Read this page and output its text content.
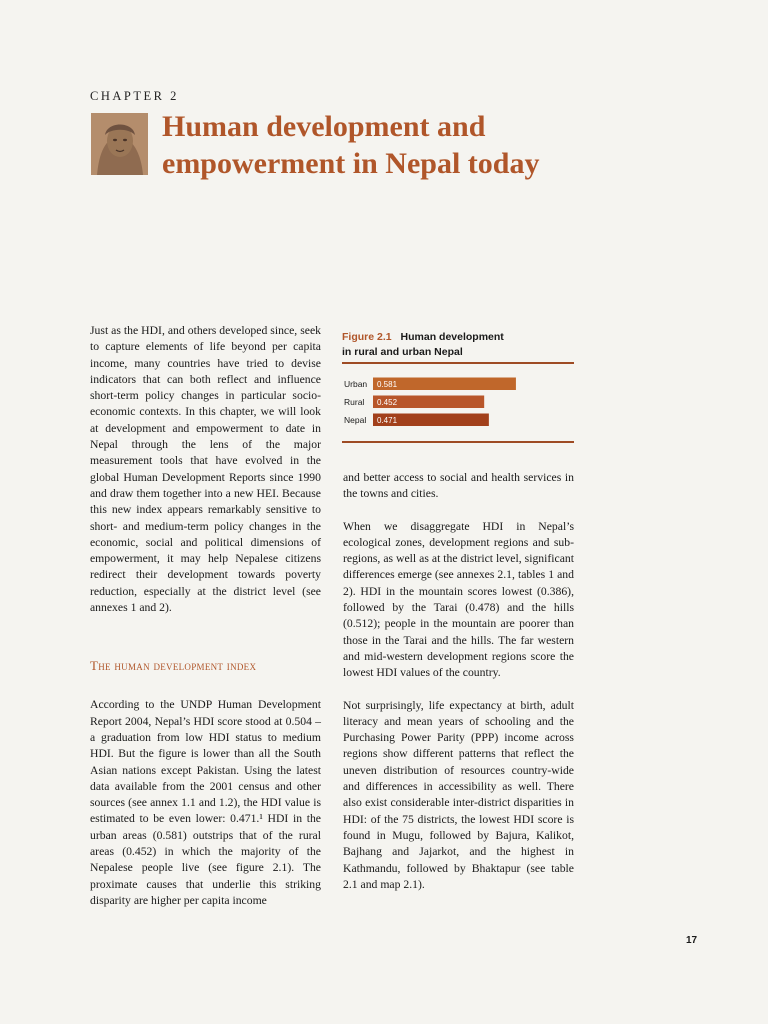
CHAPTER 2
Human development and
empowerment in Nepal today

Just as the HDI, and others developed since, seek to capture elements of life beyond per capita income, many countries have tried to devise indicators that can both reflect and influence short-term policy changes in particular socio-economic contexts. In this chapter, we will look at development and empowerment to date in Nepal through the lens of the major measurement tools that have evolved in the global Human Development Reports since 1990 and draw them together into a new HEI. Because this new index appears remarkably sensitive to short- and medium-term policy changes in the economic, social and political dimensions of empowerment, it may help Nepalese citizens redirect their development towards poverty reduction, especially at the district level (see annexes 1 and 2).

The human development index

According to the UNDP Human Development Report 2004, Nepal’s HDI score stood at 0.504 – a graduation from low HDI status to medium HDI. But the figure is lower than all the South Asian nations except Pakistan. Using the latest data available from the 2001 census and other sources (see annex 1.1 and 1.2), the HDI value is estimated to be even lower: 0.471.¹ HDI in the urban areas (0.581) outstrips that of the rural areas (0.452) in which the majority of the Nepalese people live (see figure 2.1). The proximate causes that underlie this striking disparity are higher per capita income

Figure 2.1 Human development
in rural and urban Nepal
Urban 0.581
Rural 0.452
Nepal 0.471

and better access to social and health services in the towns and cities.

When we disaggregate HDI in Nepal’s ecological zones, development regions and sub-regions, as well as at the district level, significant differences emerge (see annexes 2.1, tables 1 and 2). HDI in the mountain scores lowest (0.386), followed by the Tarai (0.478) and the hills (0.512); people in the mountain are poorer than those in the Tarai and the hills. The far western and mid-western development regions score the lowest HDI values of the country.

Not surprisingly, life expectancy at birth, adult literacy and mean years of schooling and the Purchasing Power Parity (PPP) income across regions show different patterns that reflect the uneven distribution of resources country-wide and differences in accessibility as well. There also exist considerable inter-district disparities in HDI: of the 75 districts, the lowest HDI score is found in Mugu, followed by Bajura, Kalikot, Bajhang and Jajarkot, and the highest in Kathmandu, followed by Bhaktapur (see table 2.1 and map 2.1).

17
